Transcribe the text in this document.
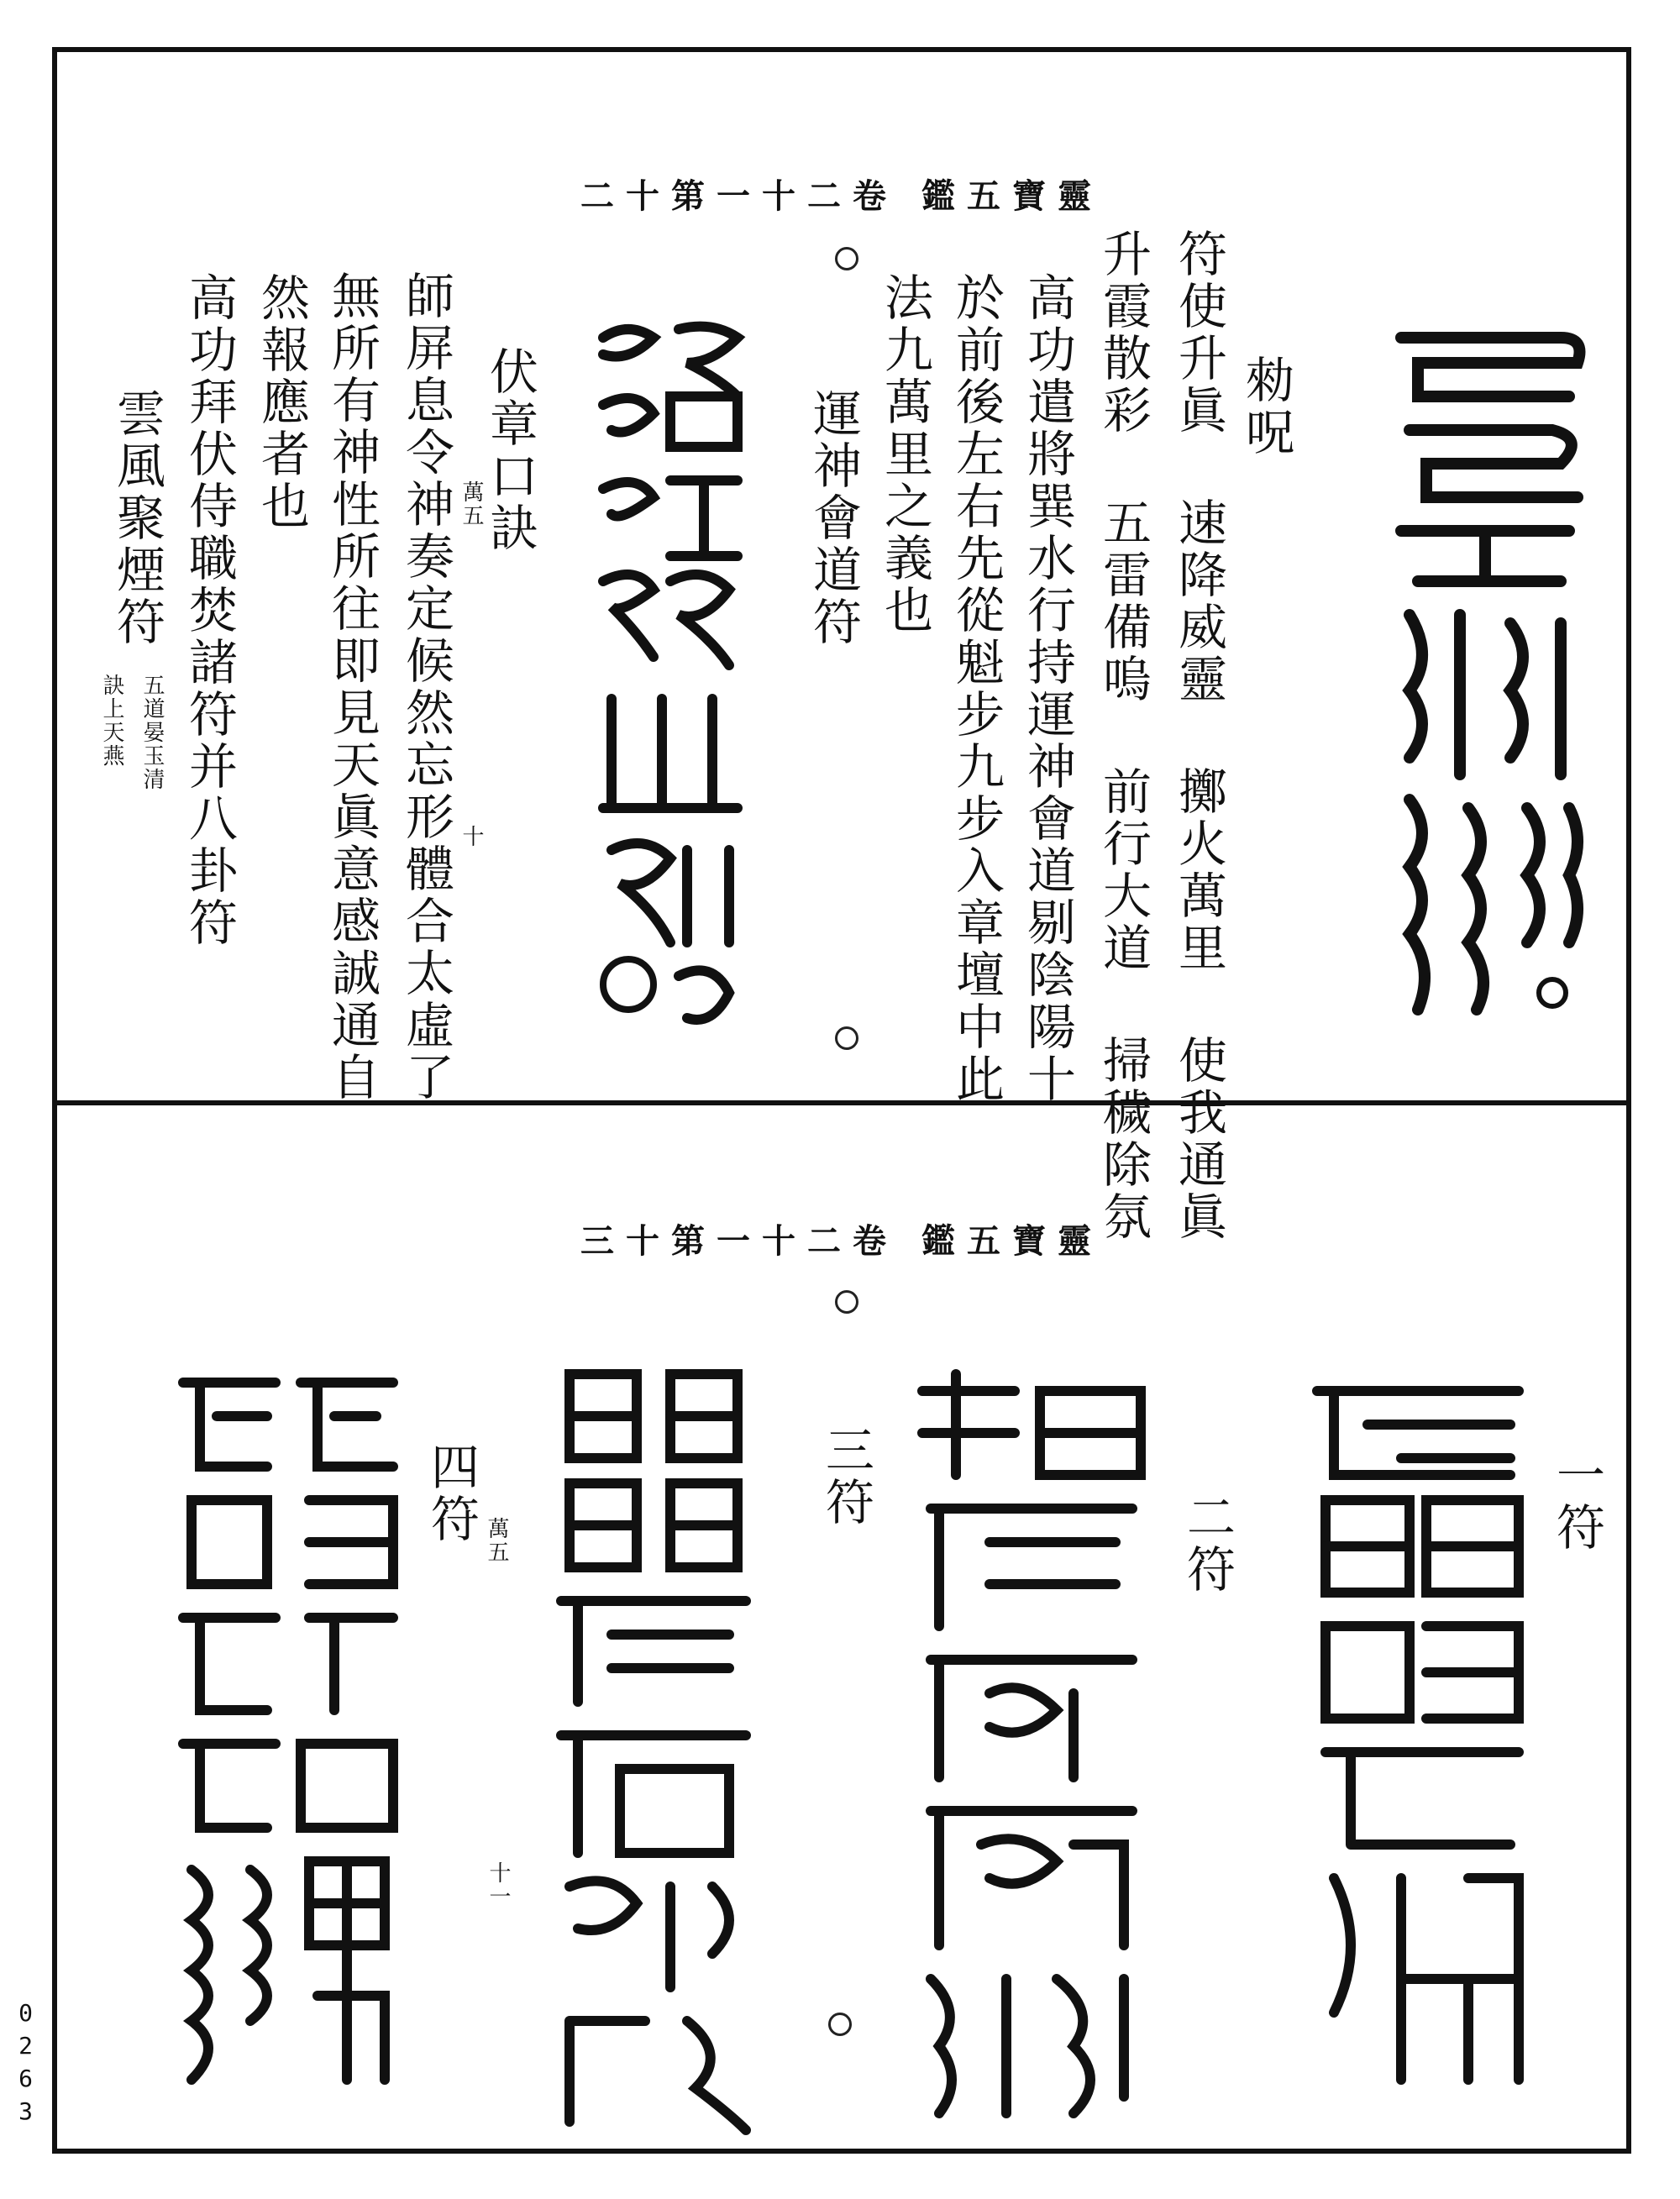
二十第一十二卷 鑑五寶靈
勑呪
符使升眞 速降威靈 擲火萬里 使我通眞
升霞散彩 五雷備嗚 前行大道 掃穢除氛
高功遣將巽水行持運神會道剔陰陽十
於前後左右先從魁步九步入章壇中此
法九萬里之義也
運神會道符
伏章口訣
萬五
師屏息令神奏定候然忘形體合太虛了 十
無所有神性所往即見天眞意感誠通自
然報應者也
高功拜伏侍職焚諸符并八卦符
雲風聚煙符
五道晏玉清
訣上天燕
三十第一十二卷 鑑五寶靈
一符
二符
三符
四符 萬五
十一
0263
